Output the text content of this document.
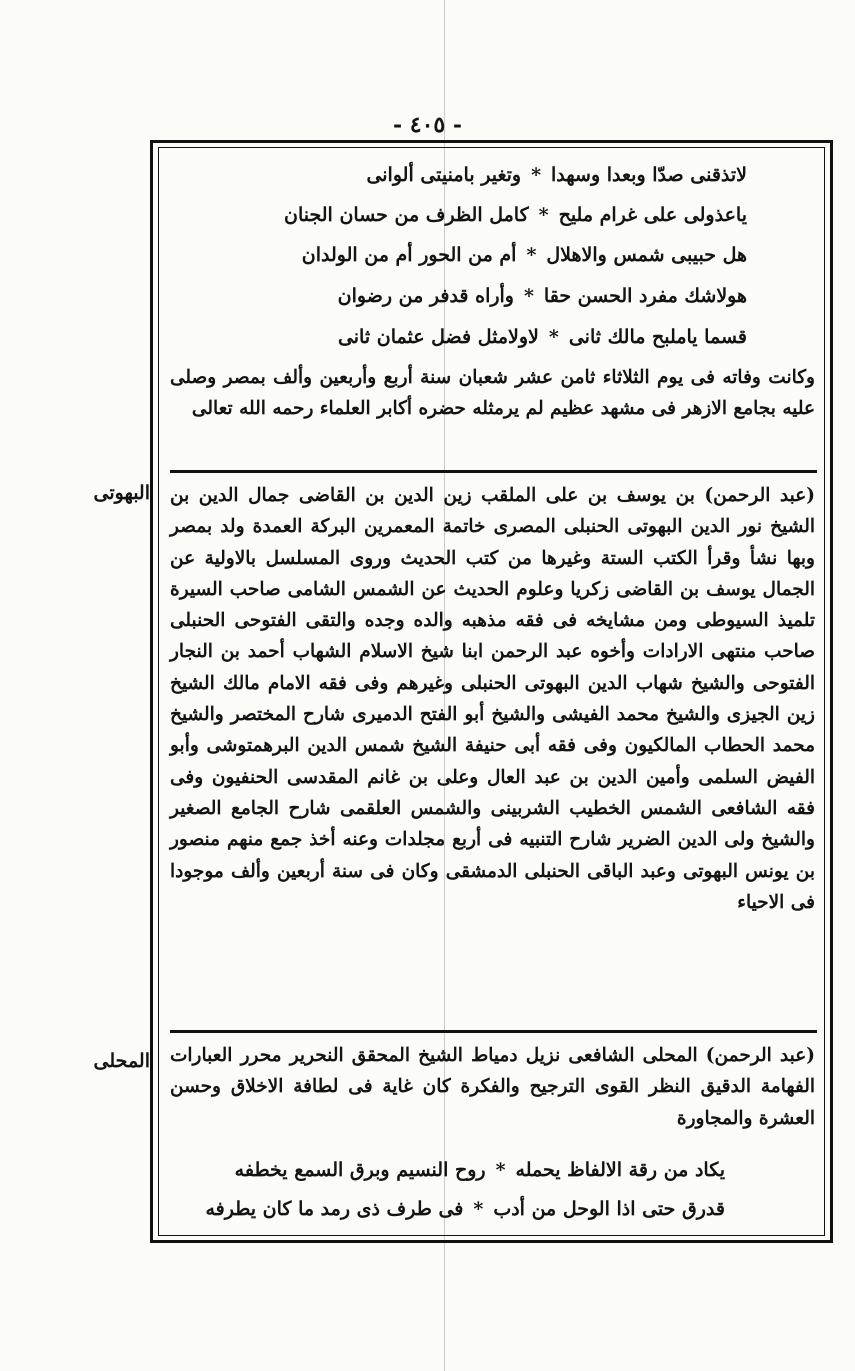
- ٤٠٥ -
لاتذقنى صدّا وبعدا وسهدا*وتغير بامنيتى ألوانى
ياعذولى على غرام مليح*كامل الظرف من حسان الجنان
هل حبيبى شمس والاهلال*أم من الحور أم من الولدان
هولاشك مفرد الحسن حقا*وأراه قدفر من رضوان
قسما ياملبح مالك ثانى*لاولامثل فضل عثمان ثانى
وكانت وفاته فى يوم الثلاثاء ثامن عشر شعبان سنة أربع وأربعين وألف بمصر وصلى عليه بجامع الازهر فى مشهد عظيم لم يرمثله حضره أكابر العلماء رحمه الله تعالى
البهوتى (عبد الرحمن) بن يوسف بن على الملقب زين الدين بن القاضى جمال الدين بن الشيخ نور الدين البهوتى الحنبلى المصرى خاتمة المعمرين البركة العمدة ولد بمصر وبها نشأ وقرأ الكتب الستة وغيرها من كتب الحديث وروى المسلسل بالاولية عن الجمال يوسف بن القاضى زكريا وعلوم الحديث عن الشمس الشامى صاحب السيرة تلميذ السيوطى ومن مشايخه فى فقه مذهبه والده وجده والتقى الفتوحى الحنبلى صاحب منتهى الارادات وأخوه عبد الرحمن ابنا شيخ الاسلام الشهاب أحمد بن النجار الفتوحى والشيخ شهاب الدين البهوتى الحنبلى وغيرهم وفى فقه الامام مالك الشيخ زين الجيزى والشيخ محمد الفيشى والشيخ أبو الفتح الدميرى شارح المختصر والشيخ محمد الحطاب المالكيون وفى فقه أبى حنيفة الشيخ شمس الدين البرهمتوشى وأبو الفيض السلمى وأمين الدين بن عبد العال وعلى بن غانم المقدسى الحنفيون وفى فقه الشافعى الشمس الخطيب الشربينى والشمس العلقمى شارح الجامع الصغير والشيخ ولى الدين الضرير شارح التنبيه فى أربع مجلدات وعنه أخذ جمع منهم منصور بن يونس البهوتى وعبد الباقى الحنبلى الدمشقى وكان فى سنة أربعين وألف موجودا فى الاحياء
المحلى (عبد الرحمن) المحلى الشافعى نزيل دمياط الشيخ المحقق النحرير محرر العبارات الفهامة الدقيق النظر القوى الترجيح والفكرة كان غاية فى لطافة الاخلاق وحسن العشرة والمجاورة
يكاد من رقة الالفاظ يحمله*روح النسيم وبرق السمع يخطفه
قدرق حتى اذا الوحل من أدب*فى طرف ذى رمد ما كان يطرفه
